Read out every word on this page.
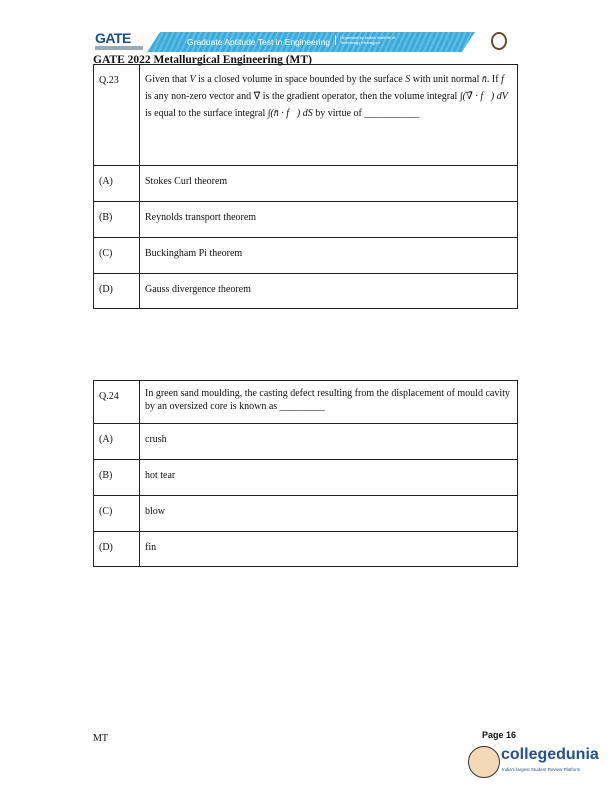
GATE	Graduate Aptitude Test in Engineering	Organised by Indian Institute of Technology Kharagpur
GATE 2022 Metallurgical Engineering (MT)
Q.23	Given that V is a closed volume in space bounded by the surface S with unit normal n̄. If f⃗ is any non-zero vector and ∇̄ is the gradient operator, then the volume integral ∫(∇̄ · f⃗) dV is equal to the surface integral ∫(n̄ · f⃗) dS by virtue of ___________
(A)	Stokes Curl theorem
(B)	Reynolds transport theorem
(C)	Buckingham Pi theorem
(D)	Gauss divergence theorem
Q.24	In green sand moulding, the casting defect resulting from the displacement of mould cavity by an oversized core is known as _________
(A)	crush
(B)	hot tear
(C)	blow
(D)	fin
MT	Page 16
collegedunia
India's largest Student Review Platform
